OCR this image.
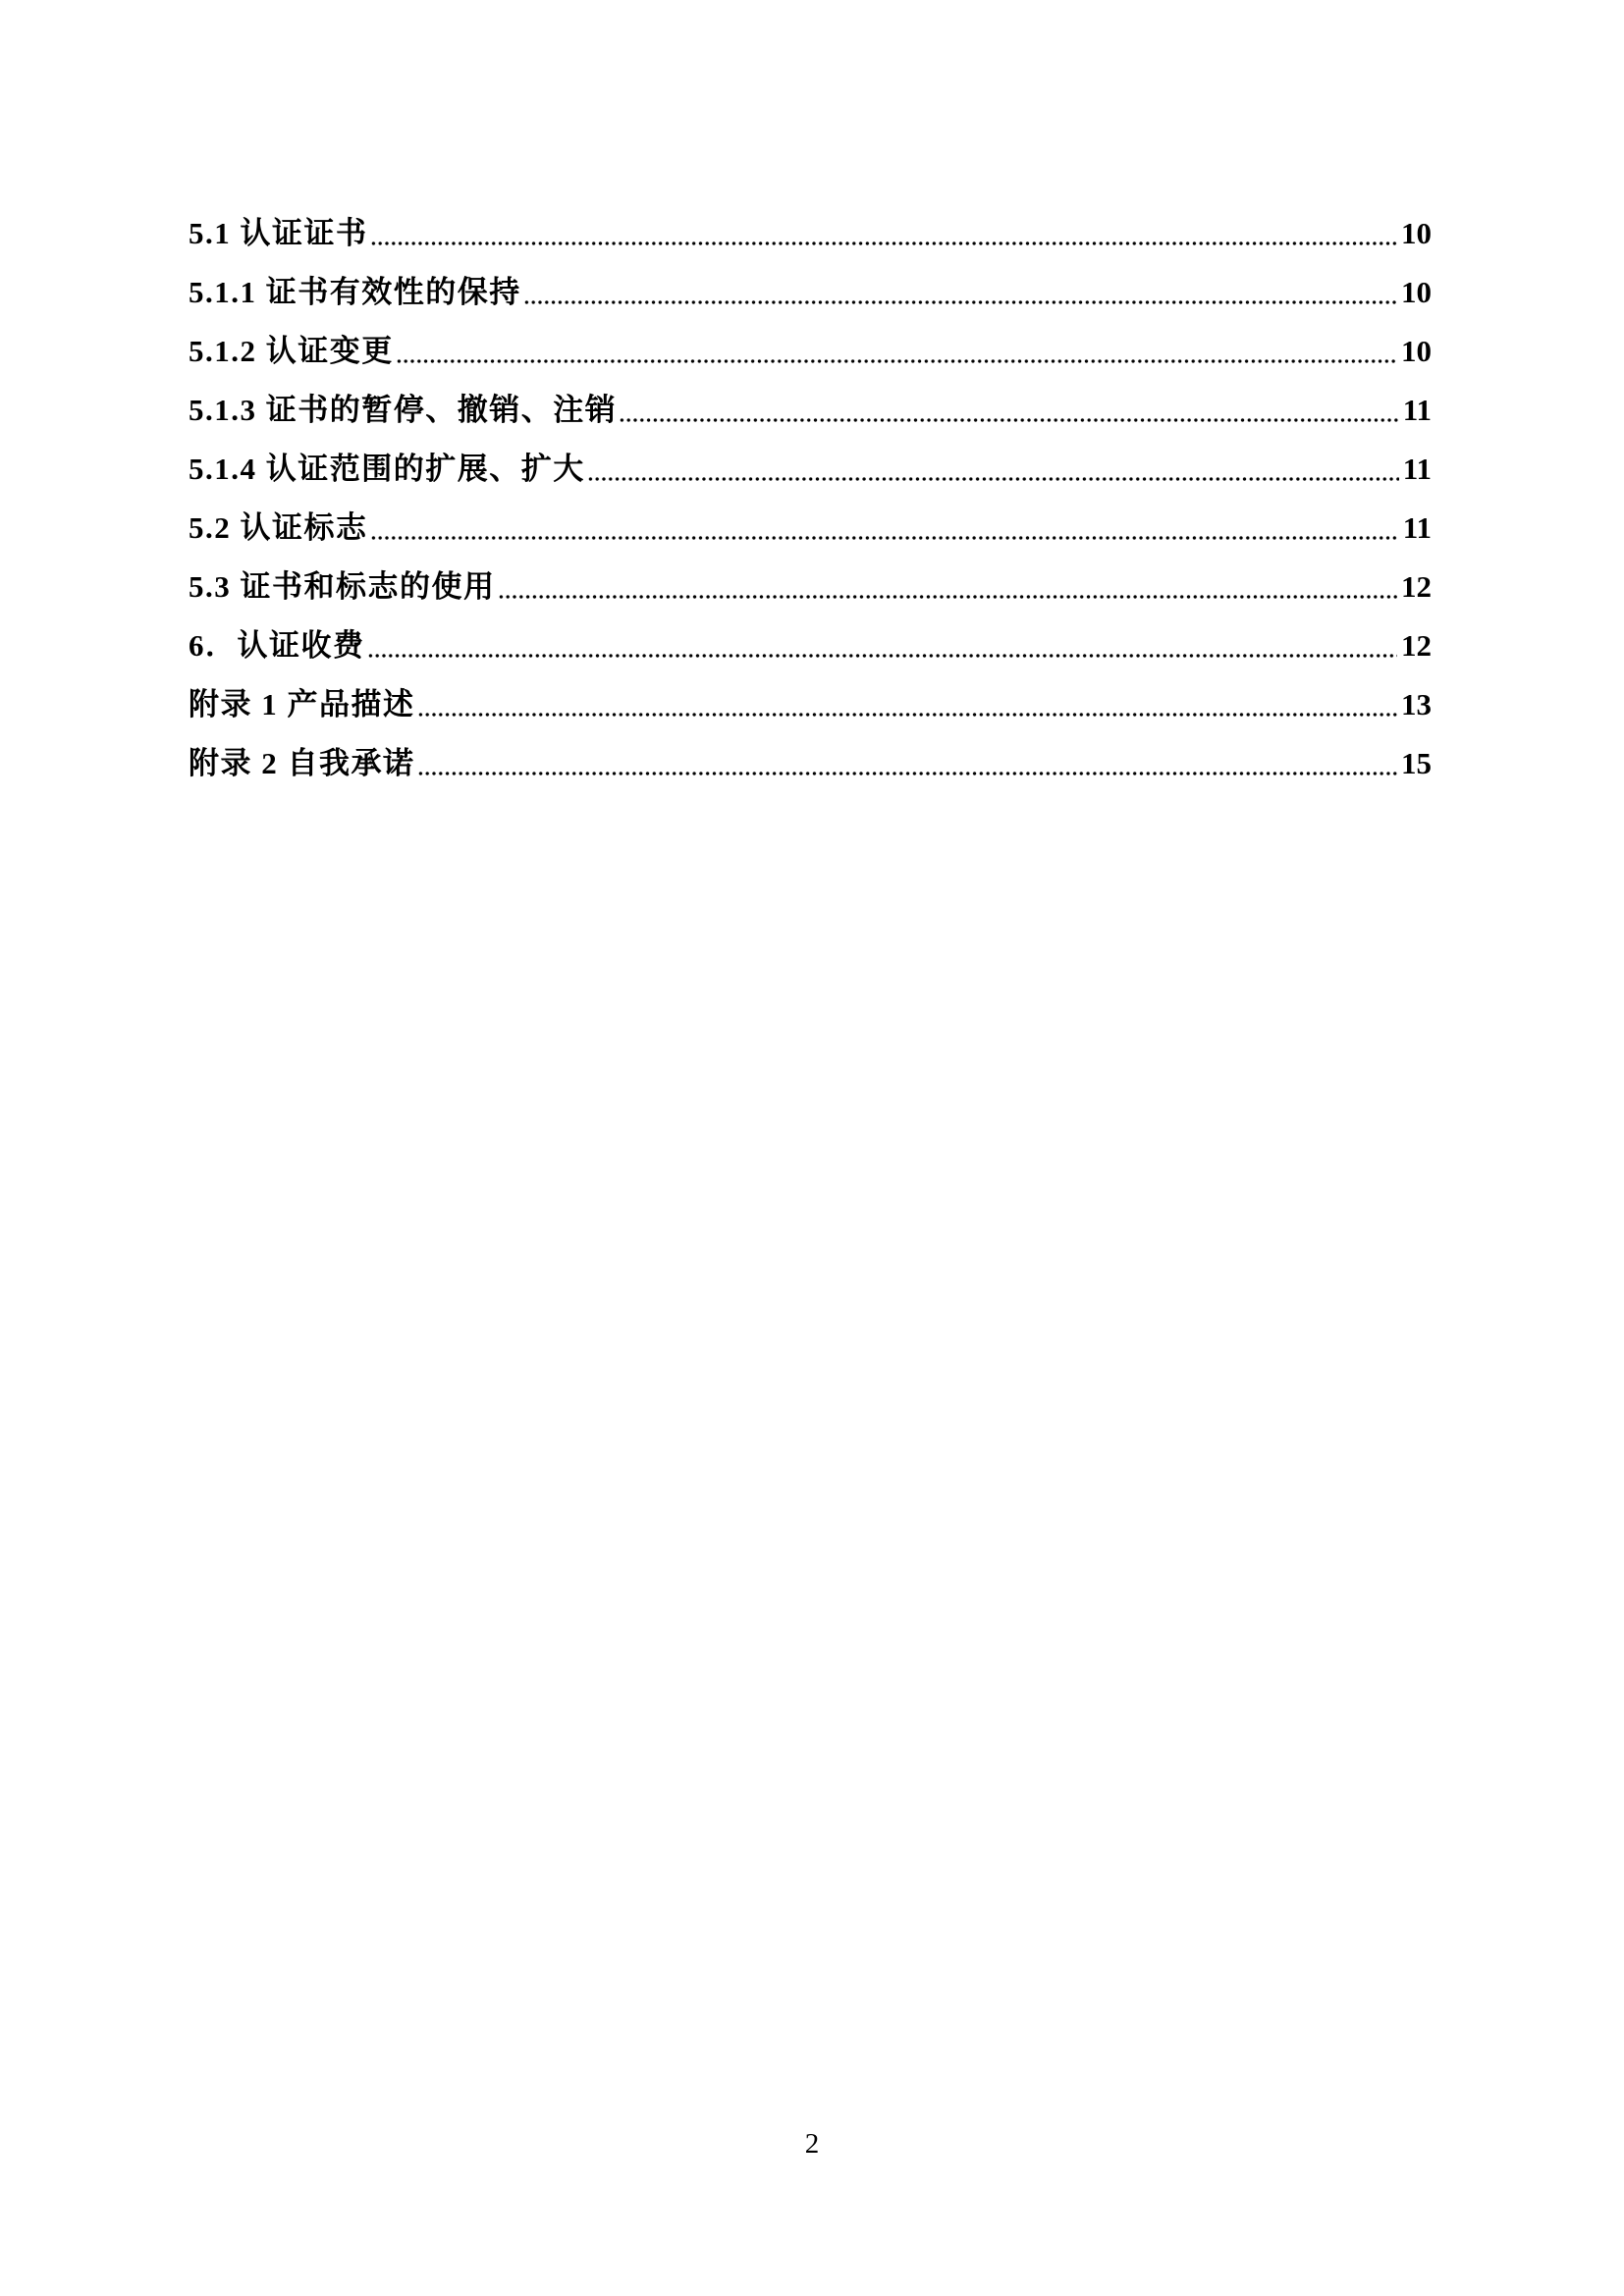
5.1 认证证书	10
5.1.1 证书有效性的保持	10
5.1.2 认证变更	10
5.1.3 证书的暂停、撤销、注销	11
5.1.4 认证范围的扩展、扩大	11
5.2 认证标志	11
5.3 证书和标志的使用	12
6．认证收费	12
附录 1 产品描述	13
附录 2 自我承诺	15
2
